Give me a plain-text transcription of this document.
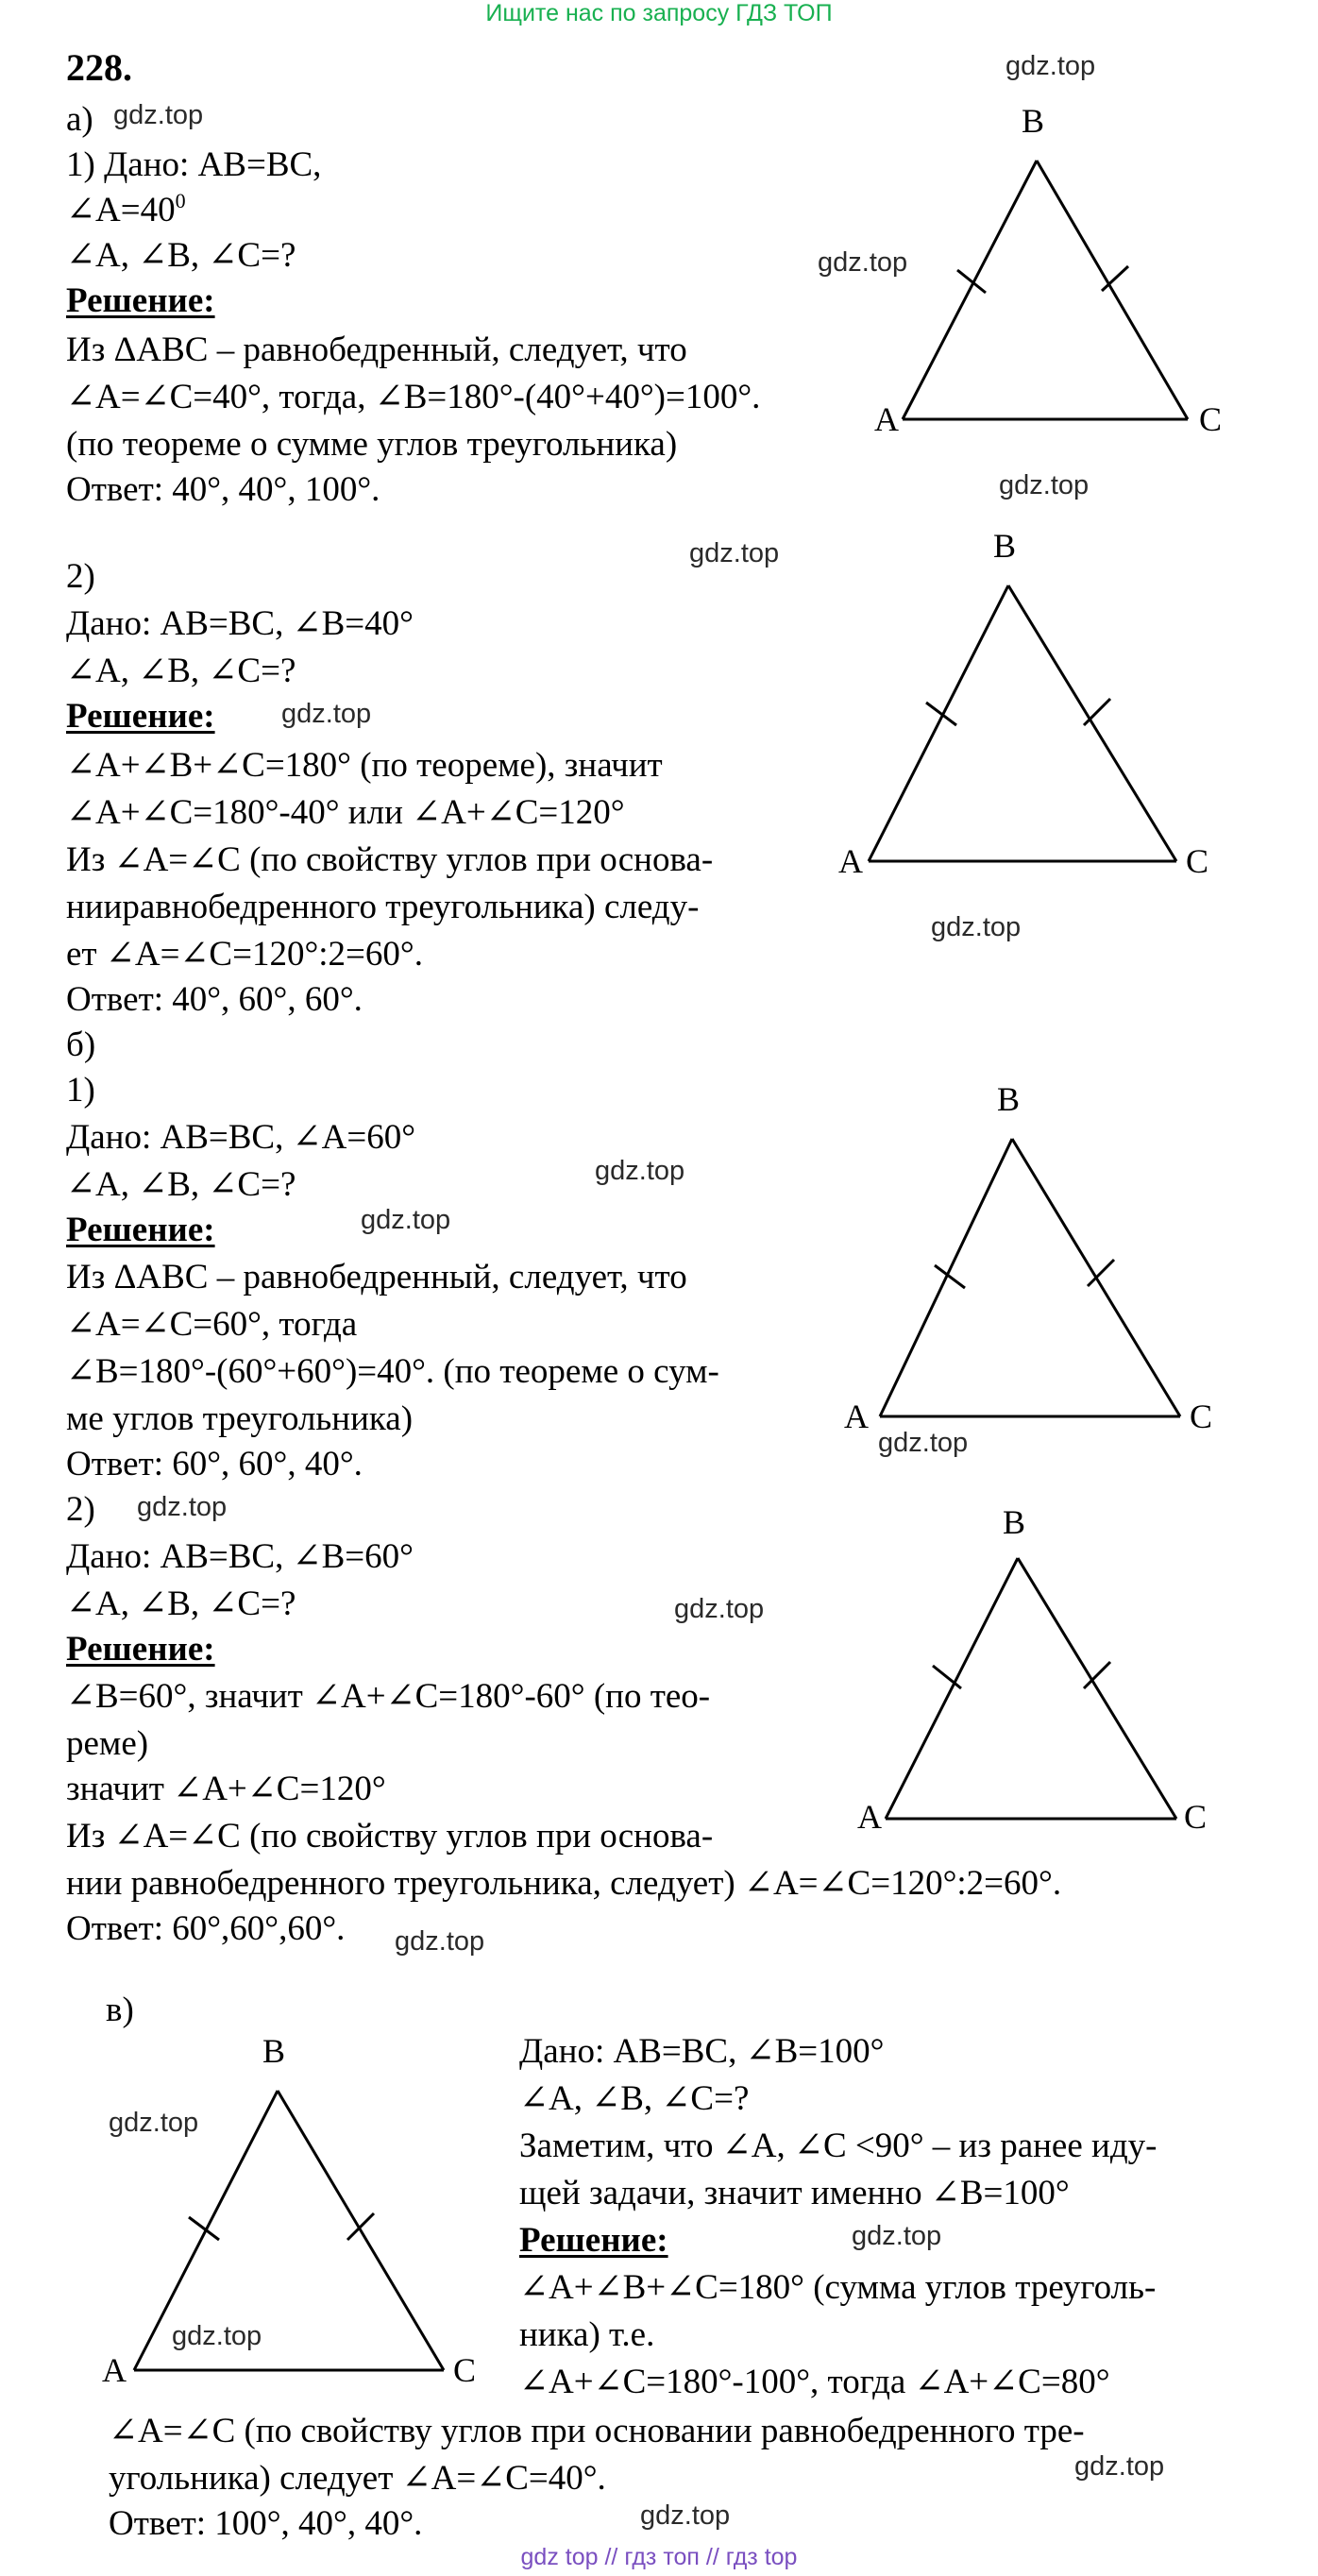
Ищите нас по запросу ГДЗ ТОП
228.	gdz.top
gdz.top
gdz.top
gdz.top
gdz.top
gdz.top
gdz.top
gdz.top
gdz.top
gdz.top
gdz.top
gdz.top
gdz.top
gdz.top
gdz.top
gdz.top
gdz.top
gdz.top
а)
1) Дано: AB=BC,
$\angle A=40^0$
∠A, ∠B, ∠C=?
Решение:
Из ΔABC – равнобедренный, следует, что
∠A=∠C=40°, тогда, ∠B=180°-(40°+40°)=100°.
(по теореме о сумме углов треугольника)
Ответ: 40°, 40°, 100°.
B
A	C
2)
Дано: AB=BC, ∠B=40°
∠A, ∠B, ∠C=?
Решение:
∠A+∠B+∠C=180° (по теореме), значит
∠A+∠C=180°-40° или ∠A+∠C=120°
Из ∠A=∠C (по свойству углов при основа-
нииравнобедренного треугольника) следу-
ет ∠A=∠C=120°:2=60°.
Ответ: 40°, 60°, 60°.
B
A	C
б)
1)
Дано: AB=BC, ∠A=60°
∠A, ∠B, ∠C=?
Решение:
Из ΔABC – равнобедренный, следует, что
∠A=∠C=60°, тогда
∠B=180°-(60°+60°)=40°. (по теореме о сум-
ме углов треугольника)
Ответ: 60°, 60°, 40°.
B
A	C
2)
Дано: AB=BC, ∠B=60°
∠A, ∠B, ∠C=?
Решение:
∠B=60°, значит ∠A+∠C=180°-60° (по тео-
реме)
значит ∠A+∠C=120°
Из ∠A=∠C (по свойству углов при основа-
нии равнобедренного треугольника, следует) ∠A=∠C=120°:2=60°.
Ответ: 60°,60°,60°.
B
A	C
в)
B
A	C
Дано: AB=BC, ∠B=100°
∠A, ∠B, ∠C=?
Заметим, что ∠A, ∠C <90° – из ранее иду-
щей задачи, значит именно ∠B=100°
Решение:
∠A+∠B+∠C=180° (сумма углов треуголь-
ника) т.е.
∠A+∠C=180°-100°, тогда ∠A+∠C=80°
∠A=∠C (по свойству углов при основании равнобедренного тре-
угольника) следует ∠A=∠C=40°.
Ответ: 100°, 40°, 40°.
gdz top // гдз топ // гдз top
